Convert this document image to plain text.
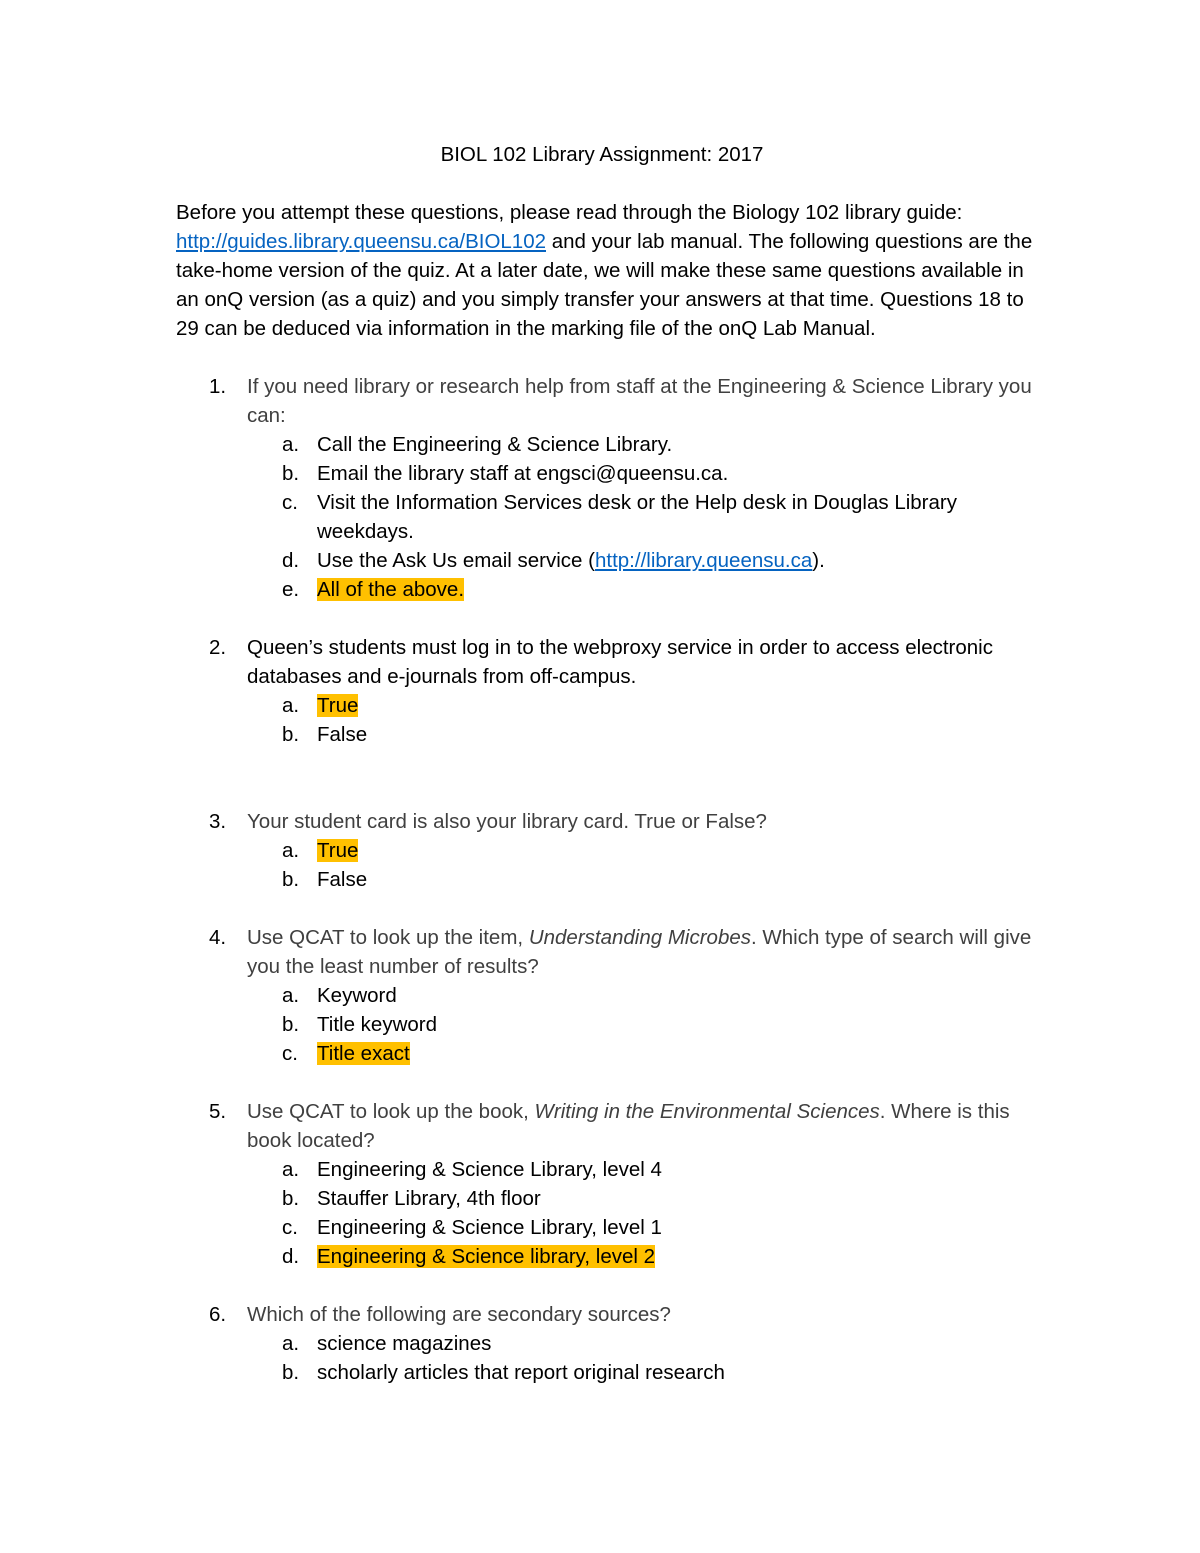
BIOL 102 Library Assignment: 2017
Before you attempt these questions, please read through the Biology 102 library guide: http://guides.library.queensu.ca/BIOL102 and your lab manual. The following questions are the take-home version of the quiz. At a later date, we will make these same questions available in an onQ version (as a quiz) and you simply transfer your answers at that time. Questions 18 to 29 can be deduced via information in the marking file of the onQ Lab Manual.
1.	If you need library or research help from staff at the Engineering & Science Library you can:
a. Call the Engineering & Science Library.
b. Email the library staff at engsci@queensu.ca.
c. Visit the Information Services desk or the Help desk in Douglas Library weekdays.
d. Use the Ask Us email service (http://library.queensu.ca).
e. All of the above.
2.	Queen’s students must log in to the webproxy service in order to access electronic databases and e-journals from off-campus.
a. True
b. False
3.	Your student card is also your library card. True or False?
a. True
b. False
4.	Use QCAT to look up the item, Understanding Microbes. Which type of search will give you the least number of results?
a. Keyword
b. Title keyword
c. Title exact
5.	Use QCAT to look up the book, Writing in the Environmental Sciences. Where is this book located?
a. Engineering & Science Library, level 4
b. Stauffer Library, 4th floor
c. Engineering & Science Library, level 1
d. Engineering & Science library, level 2
6.	Which of the following are secondary sources?
a. science magazines
b. scholarly articles that report original research
